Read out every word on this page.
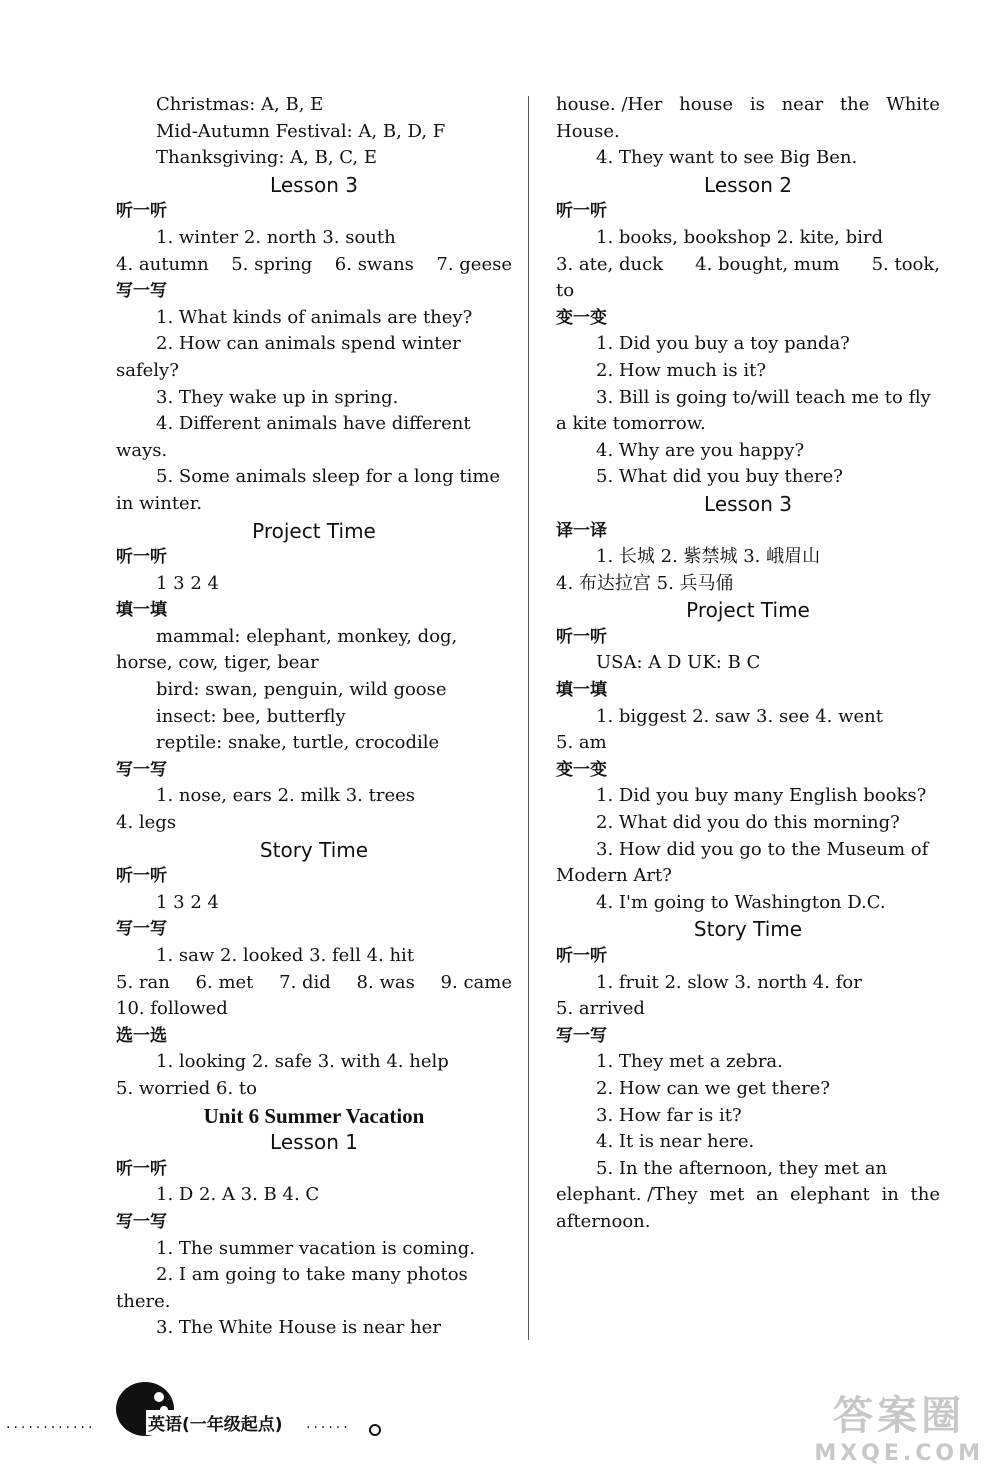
Christmas: A, B, E
Mid-Autumn Festival: A, B, D, F
Thanksgiving: A, B, C, E
Lesson 3
听一听
1. winter 2. north 3. south
4. autumn 5. spring 6. swans 7. geese
写一写
1. What kinds of animals are they?
2. How can animals spend winter
safely?
3. They wake up in spring.
4. Different animals have different
ways.
5. Some animals sleep for a long time
in winter.
Project Time
听一听
1 3 2 4
填一填
mammal: elephant, monkey, dog,
horse, cow, tiger, bear
bird: swan, penguin, wild goose
insect: bee, butterfly
reptile: snake, turtle, crocodile
写一写
1. nose, ears 2. milk 3. trees
4. legs
Story Time
听一听
1 3 2 4
写一写
1. saw 2. looked 3. fell 4. hit
5. ran 6. met 7. did 8. was 9. came
10. followed
选一选
1. looking 2. safe 3. with 4. help
5. worried 6. to
Unit 6 Summer Vacation
Lesson 1
听一听
1. D 2. A 3. B 4. C
写一写
1. The summer vacation is coming.
2. I am going to take many photos
there.
3. The White House is near her
house. /Her house is near the White
House.
4. They want to see Big Ben.
Lesson 2
听一听
1. books, bookshop 2. kite, bird
3. ate, duck 4. bought, mum 5. took,
to
变一变
1. Did you buy a toy panda?
2. How much is it?
3. Bill is going to/will teach me to fly
a kite tomorrow.
4. Why are you happy?
5. What did you buy there?
Lesson 3
译一译
1. 长城 2. 紫禁城 3. 峨眉山
4. 布达拉宫 5. 兵马俑
Project Time
听一听
USA: A D UK: B C
填一填
1. biggest 2. saw 3. see 4. went
5. am
变一变
1. Did you buy many English books?
2. What did you do this morning?
3. How did you go to the Museum of
Modern Art?
4. I'm going to Washington D.C.
Story Time
听一听
1. fruit 2. slow 3. north 4. for
5. arrived
写一写
1. They met a zebra.
2. How can we get there?
3. How far is it?
4. It is near here.
5. In the afternoon, they met an
elephant. /They met an elephant in the
afternoon.
············	英语(一年级起点) ······	答案圈
MXQE.COM
